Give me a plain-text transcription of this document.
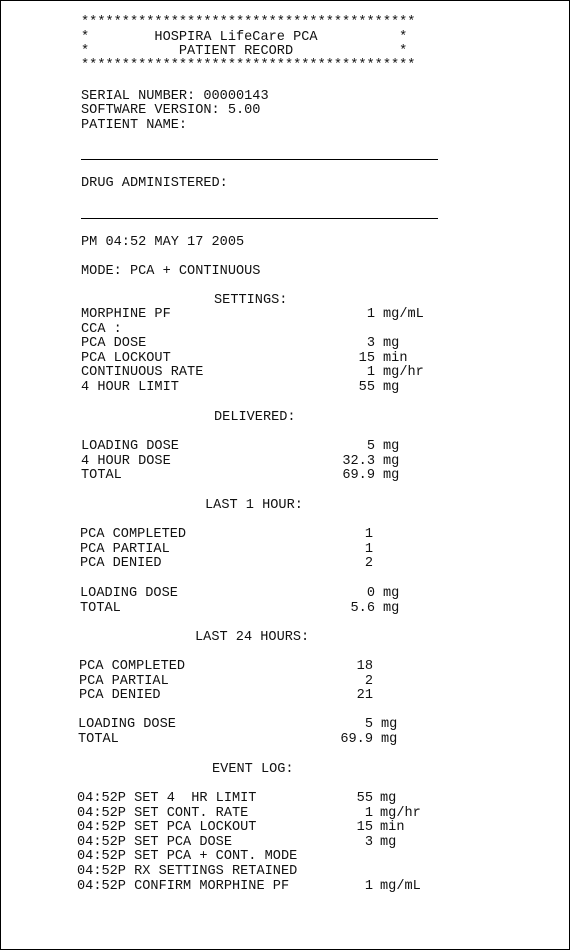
*****************************************
*        HOSPIRA LifeCare PCA          *
*           PATIENT RECORD             *
*****************************************
SERIAL NUMBER: 00000143
SOFTWARE VERSION: 5.00
PATIENT NAME:
DRUG ADMINISTERED:
PM 04:52 MAY 17 2005
MODE: PCA + CONTINUOUS
SETTINGS:
MORPHINE PF	1 mg/mL
CCA :
PCA DOSE	3 mg
PCA LOCKOUT	15 min
CONTINUOUS RATE	1 mg/hr
4 HOUR LIMIT	55 mg
DELIVERED:
LOADING DOSE	5 mg
4 HOUR DOSE	32.3 mg
TOTAL	69.9 mg
LAST 1 HOUR:
PCA COMPLETED	1
PCA PARTIAL	1
PCA DENIED	2
LOADING DOSE	0 mg
TOTAL	5.6 mg
LAST 24 HOURS:
PCA COMPLETED	18
PCA PARTIAL	2
PCA DENIED	21
LOADING DOSE	5 mg
TOTAL	69.9 mg
EVENT LOG:
04:52P SET 4  HR LIMIT	55 mg
04:52P SET CONT. RATE	1 mg/hr
04:52P SET PCA LOCKOUT	15 min
04:52P SET PCA DOSE	3 mg
04:52P SET PCA + CONT. MODE
04:52P RX SETTINGS RETAINED
04:52P CONFIRM MORPHINE PF	1 mg/mL
